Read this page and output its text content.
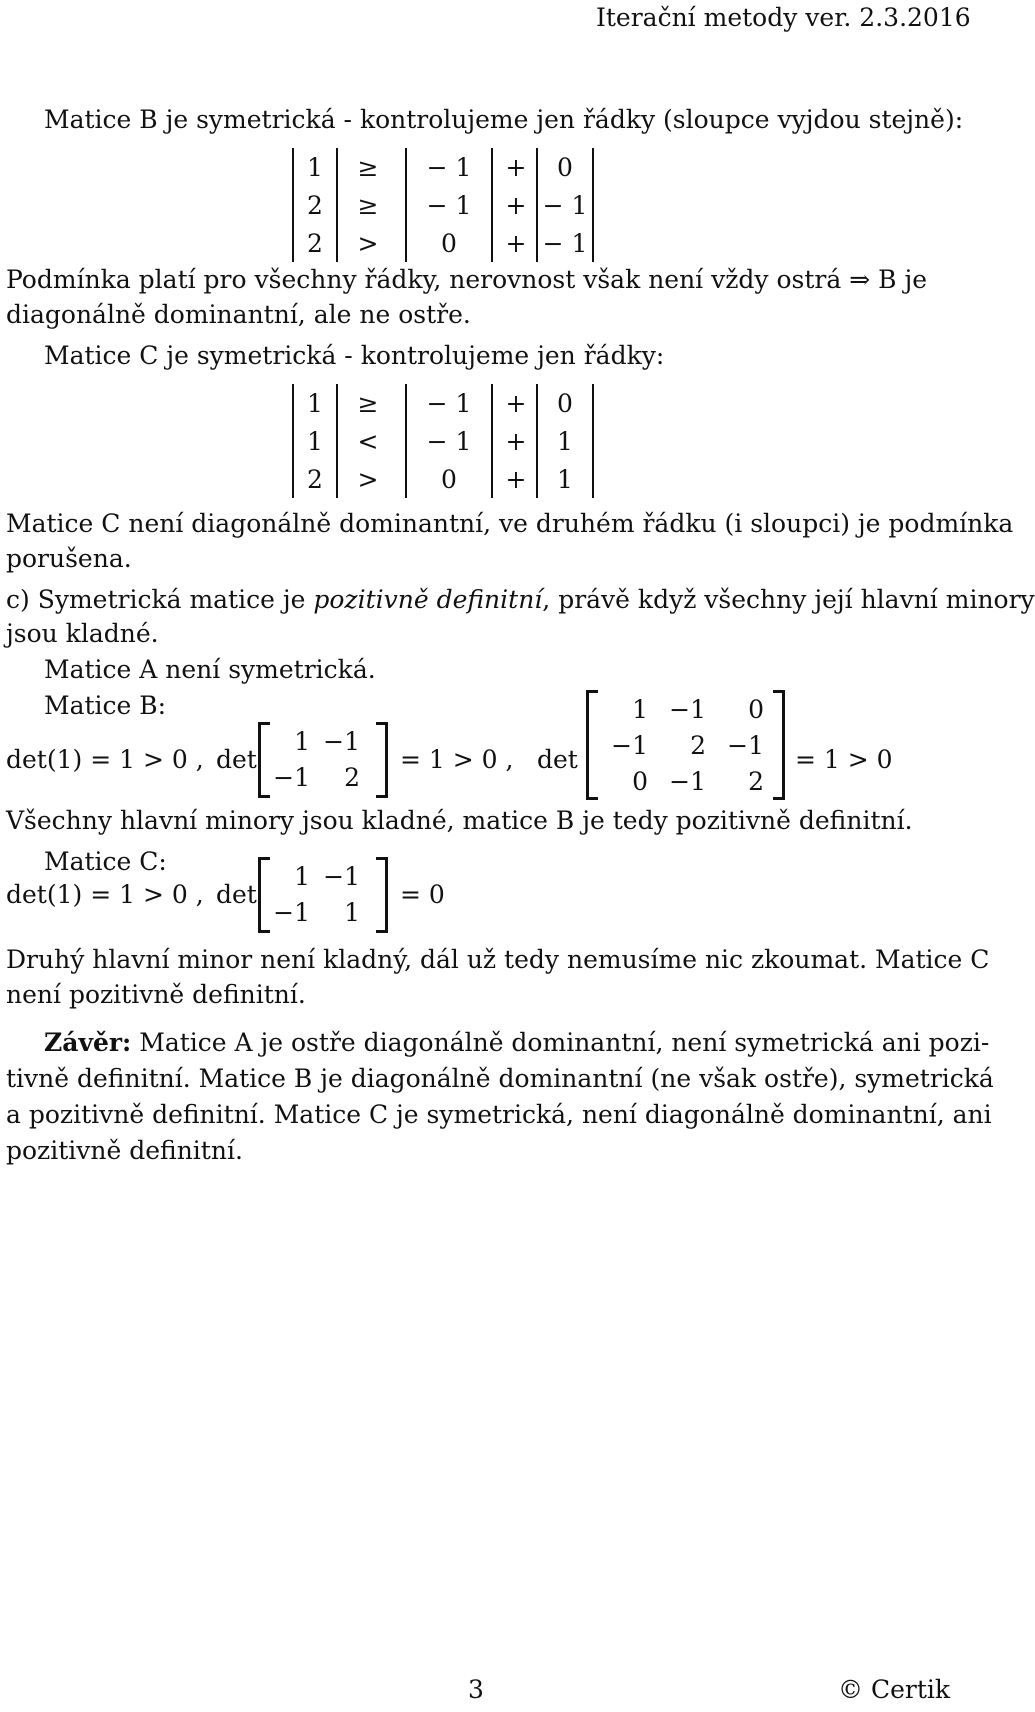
Iterační metody ver. 2.3.2016
Matice B je symetrická - kontrolujeme jen řádky (sloupce vyjdou stejně):
1	≥	− 1	+	0
2	≥	− 1	+ − 1
2	>	0	+ − 1
Podmínka platí pro všechny řádky, nerovnost však není vždy ostrá ⇒ B je
diagonálně dominantní, ale ne ostře.
Matice C je symetrická - kontrolujeme jen řádky:
1	≥	− 1	+	0
1	<	− 1	+	1
2	>	0	+	1
Matice C není diagonálně dominantní, ve druhém řádku (i sloupci) je podmínka
porušena.
c) Symetrická matice je pozitivně definitní, právě když všechny její hlavní minory
jsou kladné.
Matice A není symetrická.
Matice B:
det(1) = 1 > 0 , det
1 −1
−1	2
= 1 > 0 , det
1 −1	0
−1	2 −1
0 −1	2
= 1 > 0
Všechny hlavní minory jsou kladné, matice B je tedy pozitivně definitní.
Matice C:
det(1) = 1 > 0 , det
1 −1
−1	1
= 0
Druhý hlavní minor není kladný, dál už tedy nemusíme nic zkoumat. Matice C
není pozitivně definitní.
Závěr: Matice A je ostře diagonálně dominantní, není symetrická ani pozi-
tivně definitní. Matice B je diagonálně dominantní (ne však ostře), symetrická
a pozitivně definitní. Matice C je symetrická, není diagonálně dominantní, ani
pozitivně definitní.
3	© Certik
